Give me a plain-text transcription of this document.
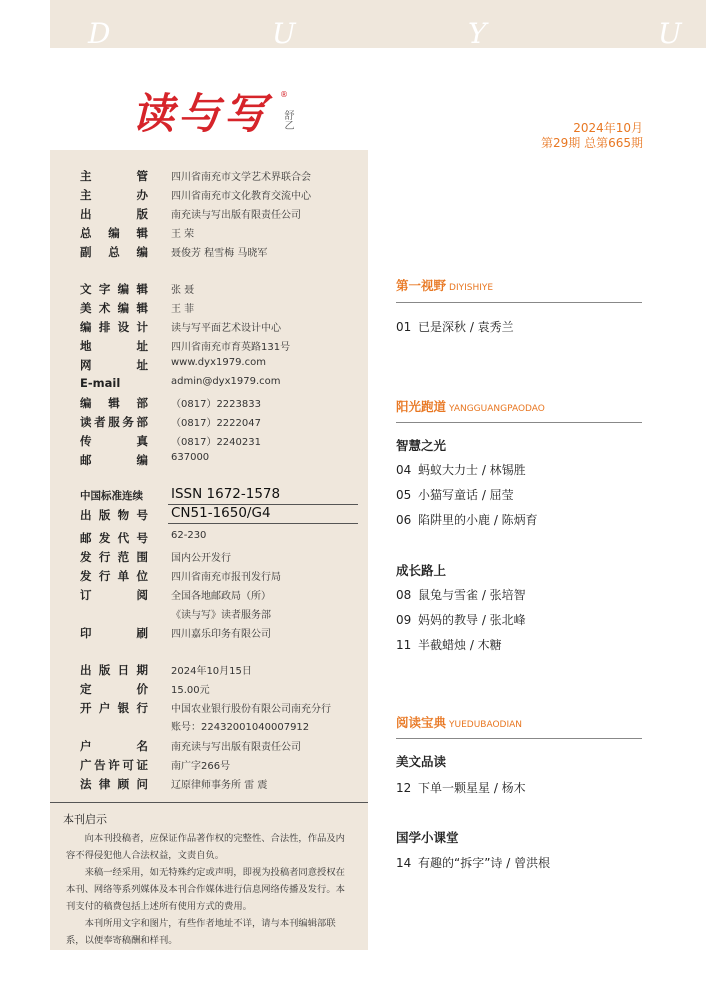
D	U	Y	U
读与写 ®
舒乙	2024年10月
第29期 总第665期
主管 四川省南充市文学艺术界联合会
主办 四川省南充市文化教育交流中心
出版 南充读与写出版有限责任公司
总编辑 王 荣
副总编 聂俊芳 程雪梅 马晓军
文字编辑 张 聂
美术编辑 王 菲
编排设计 读与写平面艺术设计中心
地址 四川省南充市育英路131号
网址 www.dyx1979.com
E-mail	admin@dyx1979.com
编辑部 （0817）2223833
读者服务部 （0817）2222047
传真 （0817）2240231
邮编 637000
中国标准连续	ISSN 1672-1578
出版物号 CN51-1650/G4
邮发代号 62-230
发行范围 国内公开发行
发行单位 四川省南充市报刊发行局
订阅 全国各地邮政局（所）
《读与写》读者服务部
印刷 四川嘉乐印务有限公司
出版日期 2024年10月15日
定价 15.00元
开户银行 中国农业银行股份有限公司南充分行
账号：22432001040007912
户名 南充读与写出版有限责任公司
广告许可证 南广字266号
法律顾问 辽原律师事务所 雷 震
本刊启示
向本刊投稿者，应保证作品著作权的完整性、合法性，作品及内容不得侵犯他人合法权益，文责自负。
来稿一经采用，如无特殊约定或声明，即视为投稿者同意授权在本刊、网络等系列媒体及本刊合作媒体进行信息网络传播及发行。本刊支付的稿费包括上述所有使用方式的费用。
本刊所用文字和图片，有些作者地址不详，请与本刊编辑部联系，以便奉寄稿酬和样刊。
第一视野 DIYISHIYE
01 已是深秋 / 袁秀兰
阳光跑道 YANGGUANGPAODAO
智慧之光
04 蚂蚁大力士 / 林锡胜
05 小猫写童话 / 屈莹
06 陷阱里的小鹿 / 陈炳育
成长路上
08 鼠兔与雪雀 / 张培智
09 妈妈的教导 / 张北峰
11 半截蜡烛 / 木糖
阅读宝典 YUEDUBAODIAN
美文品读
12 下单一颗星星 / 杨木
国学小课堂
14 有趣的“拆字”诗 / 曾洪根
